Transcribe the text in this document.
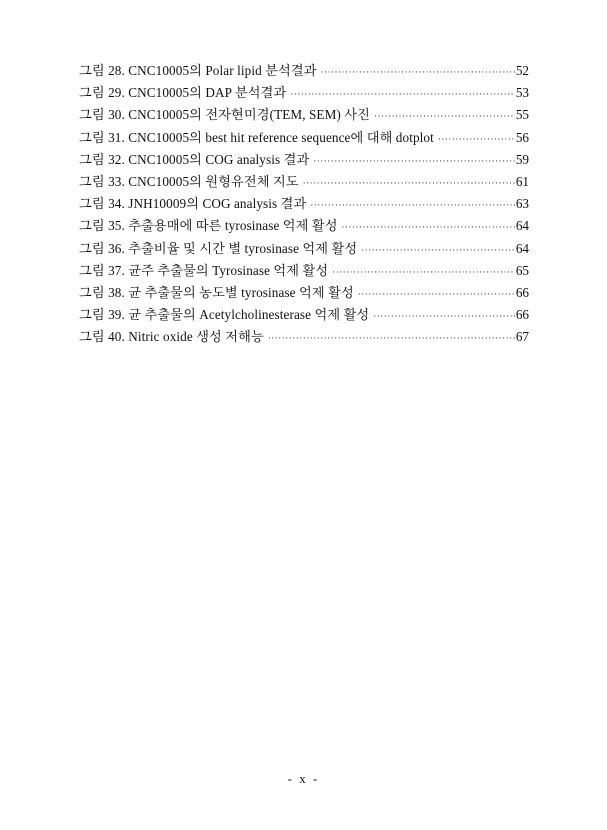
그림 28. CNC10005의 Polar lipid 분석결과 ·····	52
그림 29. CNC10005의 DAP 분석결과 ·····	53
그림 30. CNC10005의 전자현미경(TEM, SEM) 사진 ·····	55
그림 31. CNC10005의 best hit reference sequence에 대해 dotplot ·····	56
그림 32. CNC10005의 COG analysis 결과 ·····	59
그림 33. CNC10005의 원형유전체 지도 ·····	61
그림 34. JNH10009의 COG analysis 결과 ·····	63
그림 35. 추출용매에 따른 tyrosinase 억제 활성 ·····	64
그림 36. 추출비율 및 시간 별 tyrosinase 억제 활성 ·····	64
그림 37. 균주 추출물의 Tyrosinase 억제 활성 ·····	65
그림 38. 균 추출물의 농도별 tyrosinase 억제 활성 ·····	66
그림 39. 균 추출물의 Acetylcholinesterase 억제 활성 ·····	66
그림 40. Nitric oxide 생성 저해능 ·····	67
- x -
